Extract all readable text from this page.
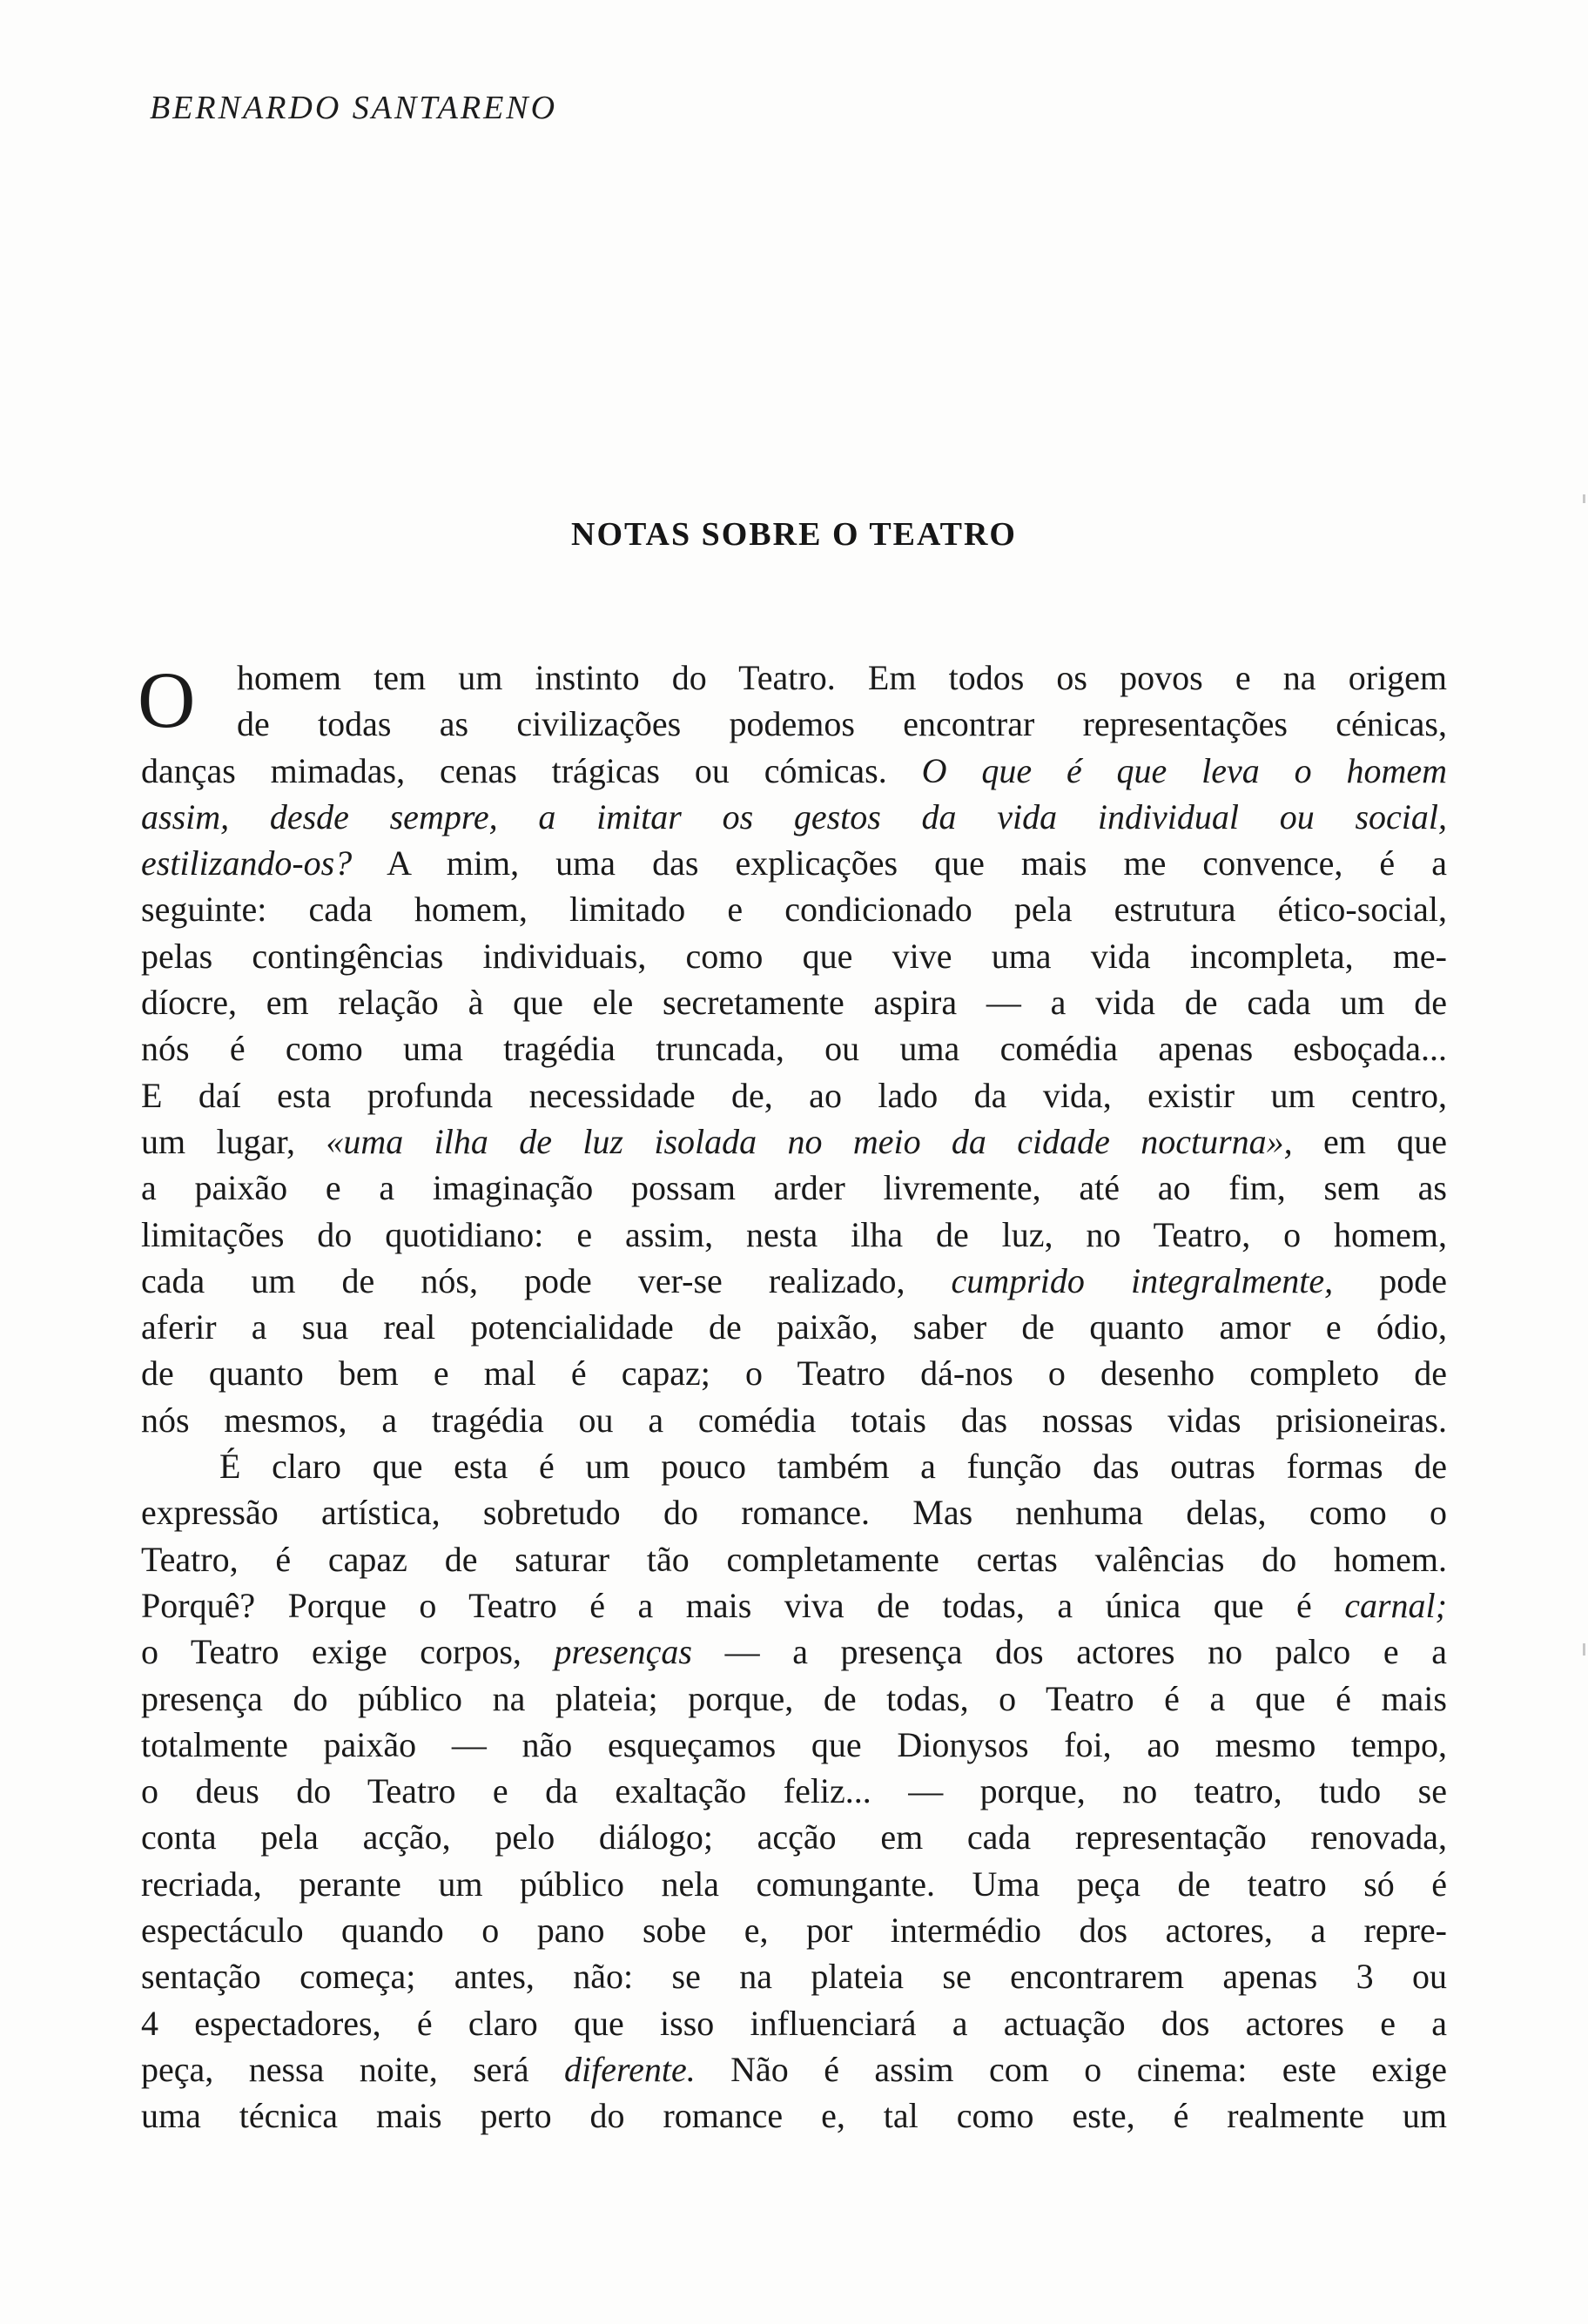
BERNARDO SANTARENO
NOTAS SOBRE O TEATRO
O	homem tem um instinto do Teatro. Em todos os povos e na origem
de todas as civilizações podemos encontrar representações cénicas,
danças mimadas, cenas trágicas ou cómicas. O que é que leva o homem
assim, desde sempre, a imitar os gestos da vida individual ou social,
estilizando-os? A mim, uma das explicações que mais me convence, é a
seguinte: cada homem, limitado e condicionado pela estrutura ético-social,
pelas contingências individuais, como que vive uma vida incompleta, me-
díocre, em relação à que ele secretamente aspira — a vida de cada um de
nós é como uma tragédia truncada, ou uma comédia apenas esboçada...
E daí esta profunda necessidade de, ao lado da vida, existir um centro,
um lugar, «uma ilha de luz isolada no meio da cidade nocturna», em que
a paixão e a imaginação possam arder livremente, até ao fim, sem as
limitações do quotidiano: e assim, nesta ilha de luz, no Teatro, o homem,
cada um de nós, pode ver-se realizado, cumprido integralmente, pode
aferir a sua real potencialidade de paixão, saber de quanto amor e ódio,
de quanto bem e mal é capaz; o Teatro dá-nos o desenho completo de
nós mesmos, a tragédia ou a comédia totais das nossas vidas prisioneiras.
É claro que esta é um pouco também a função das outras formas de
expressão artística, sobretudo do romance. Mas nenhuma delas, como o
Teatro, é capaz de saturar tão completamente certas valências do homem.
Porquê? Porque o Teatro é a mais viva de todas, a única que é carnal;
o Teatro exige corpos, presenças — a presença dos actores no palco e a
presença do público na plateia; porque, de todas, o Teatro é a que é mais
totalmente paixão — não esqueçamos que Dionysos foi, ao mesmo tempo,
o deus do Teatro e da exaltação feliz... — porque, no teatro, tudo se
conta pela acção, pelo diálogo; acção em cada representação renovada,
recriada, perante um público nela comungante. Uma peça de teatro só é
espectáculo quando o pano sobe e, por intermédio dos actores, a repre-
sentação começa; antes, não: se na plateia se encontrarem apenas 3 ou
4 espectadores, é claro que isso influenciará a actuação dos actores e a
peça, nessa noite, será diferente. Não é assim com o cinema: este exige
uma técnica mais perto do romance e, tal como este, é realmente um
